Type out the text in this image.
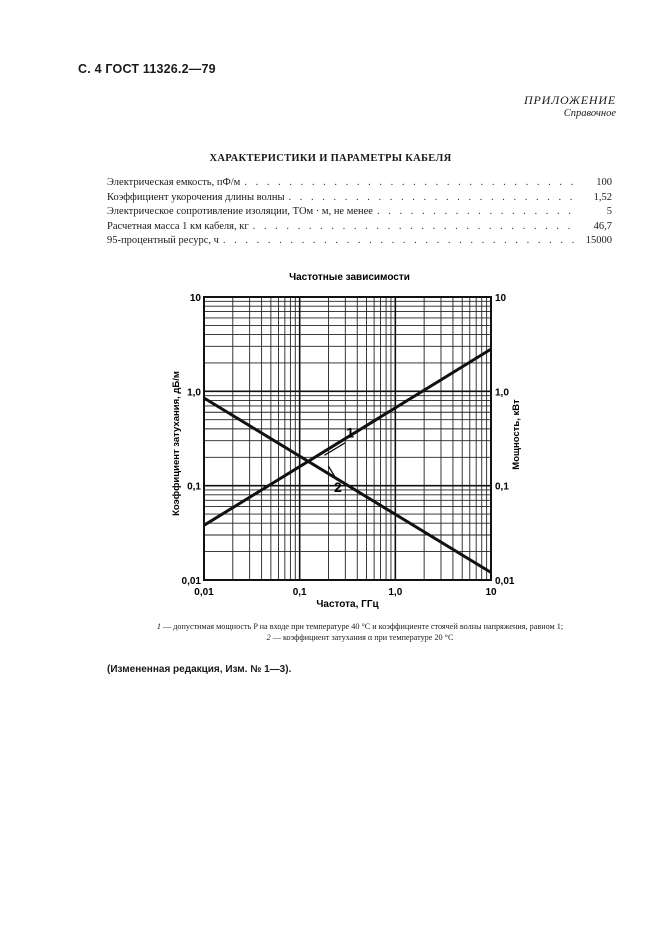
С. 4 ГОСТ 11326.2—79
ПРИЛОЖЕНИЕ
Справочное
ХАРАКТЕРИСТИКИ И ПАРАМЕТРЫ КАБЕЛЯ
Электрическая емкость, пФ/м . . .	100
Коэффициент укорочения длины волны . . .	1,52
Электрическое сопротивление изоляции, ТОм · м, не менее . . .	5
Расчетная масса 1 км кабеля, кг . . .	46,7
95-процентный ресурс, ч . . .	15000
1
2
0,01	0,1	1,0	10
0,01
0,1
1,0
10
0,01
0,1
1,0
10
Частотные зависимости
Частота, ГГц
Коэффициент затухания, дБ/м	Мощность, кВт
1 — допустимая мощность P на входе при температуре 40 °С и коэффициенте стоячей волны напряжения, равном 1;
2 — коэффициент затухания α при температуре 20 °С
(Измененная редакция, Изм. № 1—3).
